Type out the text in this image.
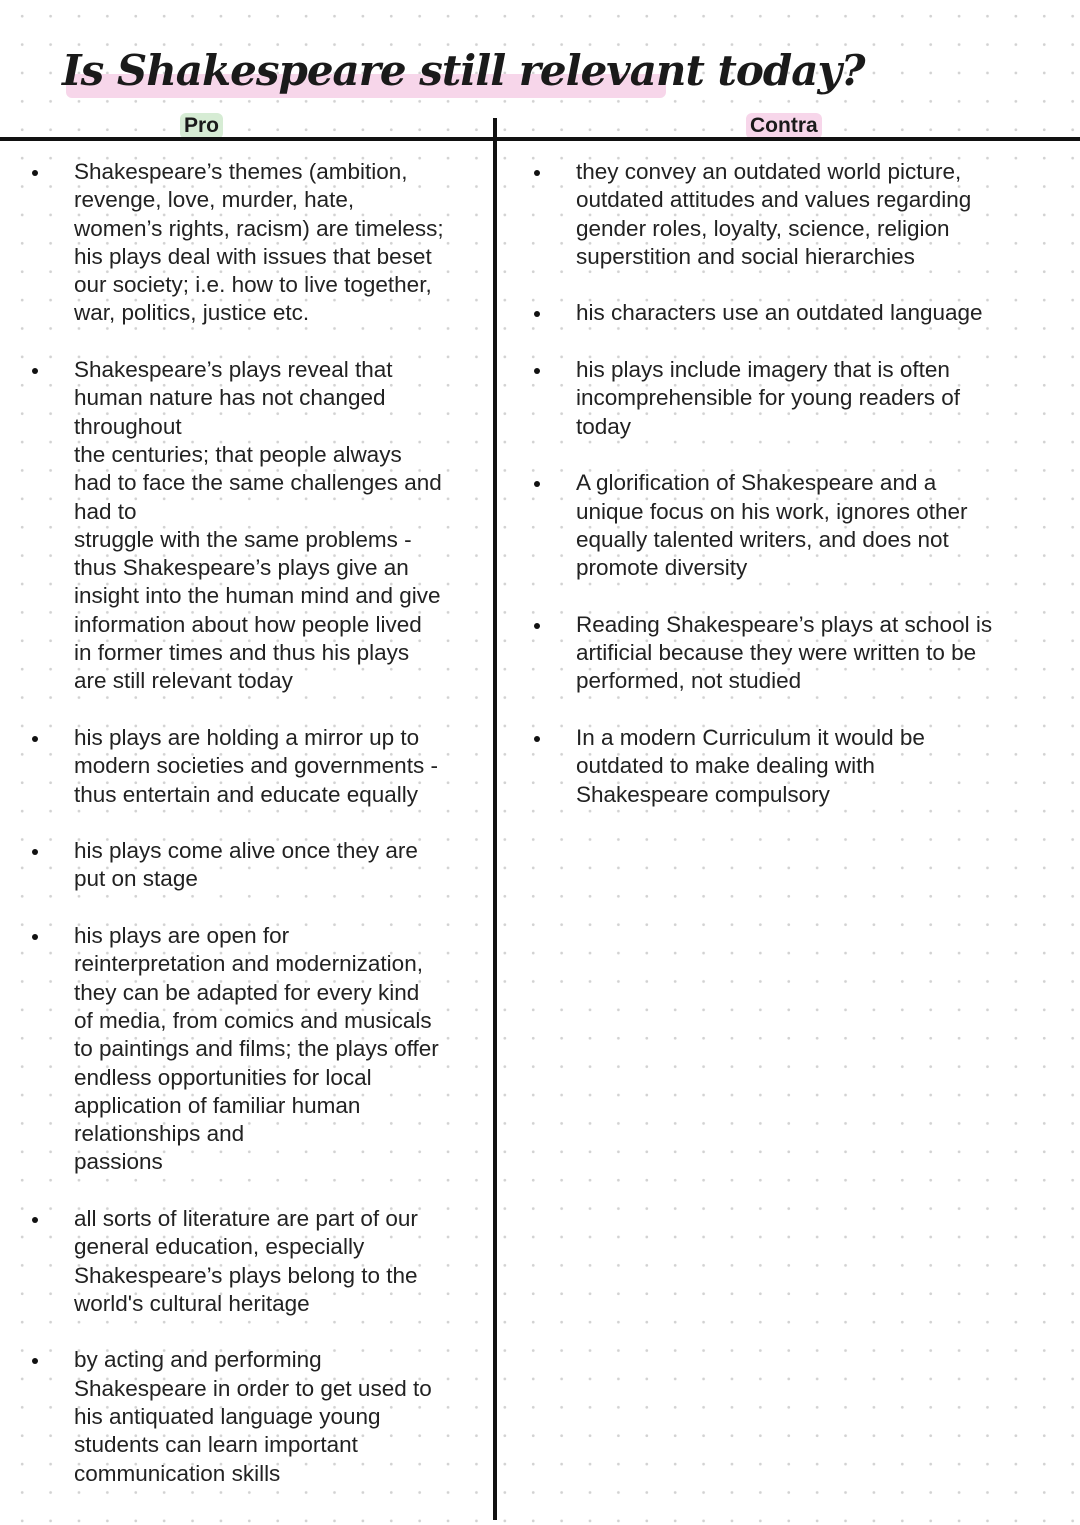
Is Shakespeare still relevant today?
Pro	Contra
Shakespeare’s themes (ambition,
revenge, love, murder, hate,
women’s rights, racism) are timeless;
his plays deal with issues that beset
our society; i.e. how to live together,
war, politics, justice etc.
Shakespeare’s plays reveal that
human nature has not changed
throughout
the centuries; that people always
had to face the same challenges and
had to
struggle with the same problems -
thus Shakespeare’s plays give an
insight into the human mind and give
information about how people lived
in former times and thus his plays
are still relevant today
his plays are holding a mirror up to
modern societies and governments -
thus entertain and educate equally
his plays come alive once they are
put on stage
his plays are open for
reinterpretation and modernization,
they can be adapted for every kind
of media, from comics and musicals
to paintings and films; the plays offer
endless opportunities for local
application of familiar human
relationships and
passions
all sorts of literature are part of our
general education, especially
Shakespeare’s plays belong to the
world's cultural heritage
by acting and performing
Shakespeare in order to get used to
his antiquated language young
students can learn important
communication skills
they convey an outdated world picture,
outdated attitudes and values regarding
gender roles, loyalty, science, religion
superstition and social hierarchies
his characters use an outdated language
his plays include imagery that is often
incomprehensible for young readers of
today
A glorification of Shakespeare and a
unique focus on his work, ignores other
equally talented writers, and does not
promote diversity
Reading Shakespeare’s plays at school is
artificial because they were written to be
performed, not studied
In a modern Curriculum it would be
outdated to make dealing with
Shakespeare compulsory
